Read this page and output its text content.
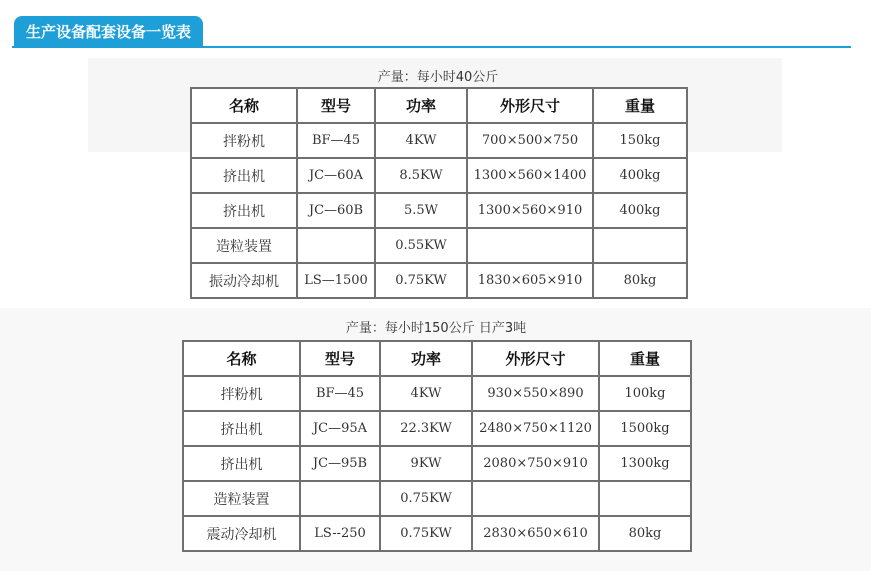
生产设备配套设备一览表
产量：每小时40公斤
名称	型号	功率	外形尺寸	重量
拌粉机	BF—45	4KW	700×500×750	150kg
挤出机	JC—60A	8.5KW	1300×560×1400	400kg
挤出机	JC—60B	5.5W	1300×560×910	400kg
造粒装置		0.55KW		
振动冷却机	LS—1500	0.75KW	1830×605×910	80kg
产量：每小时150公斤 日产3吨
名称	型号	功率	外形尺寸	重量
拌粉机	BF—45	4KW	930×550×890	100kg
挤出机	JC—95A	22.3KW	2480×750×1120	1500kg
挤出机	JC—95B	9KW	2080×750×910	1300kg
造粒装置		0.75KW		
震动冷却机	LS--250	0.75KW	2830×650×610	80kg
